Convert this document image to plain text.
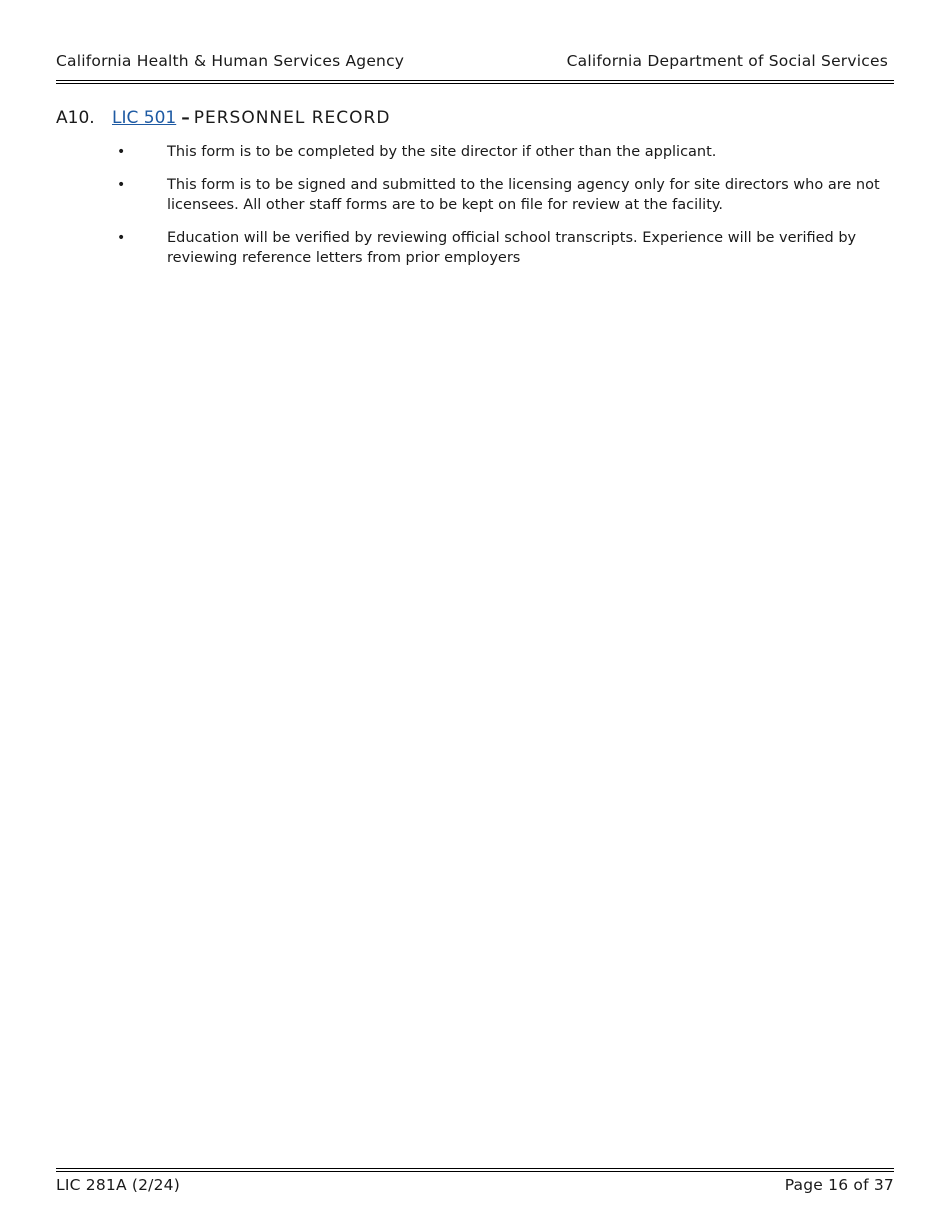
California Health & Human Services Agency	California Department of Social Services
A10. LIC 501 – PERSONNEL RECORD
•	This form is to be completed by the site director if other than the applicant.
•	This form is to be signed and submitted to the licensing agency only for site directors who are not licensees. All other staff forms are to be kept on file for review at the facility.
•	Education will be verified by reviewing official school transcripts. Experience will be verified by reviewing reference letters from prior employers
LIC 281A (2/24)	Page 16 of 37
